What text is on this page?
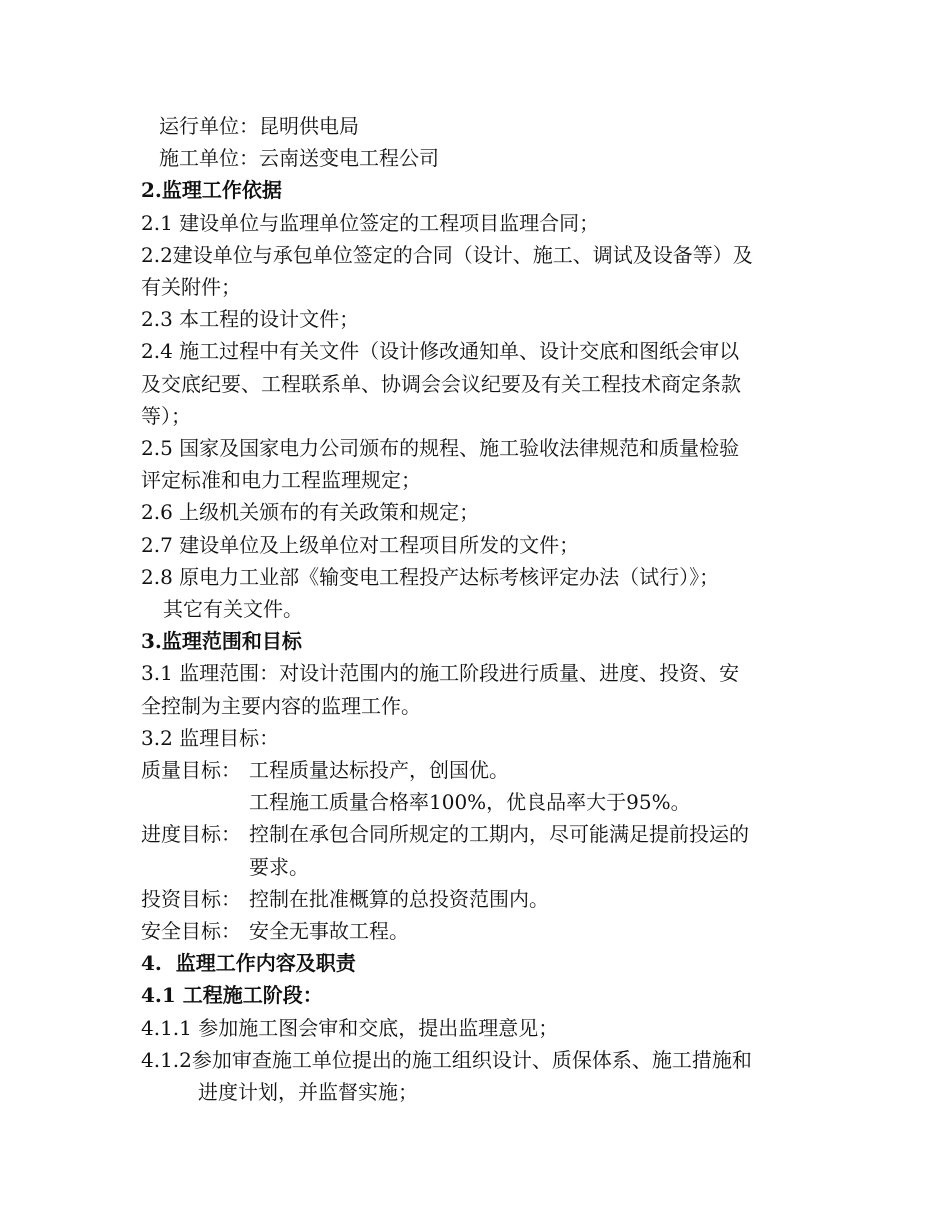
运行单位：昆明供电局
施工单位：云南送变电工程公司
2.监理工作依据
2.1 建设单位与监理单位签定的工程项目监理合同；
2.2建设单位与承包单位签定的合同（设计、施工、调试及设备等）及
有关附件；
2.3 本工程的设计文件；
2.4 施工过程中有关文件（设计修改通知单、设计交底和图纸会审以
及交底纪要、工程联系单、协调会会议纪要及有关工程技术商定条款
等）；
2.5 国家及国家电力公司颁布的规程、施工验收法律规范和质量检验
评定标准和电力工程监理规定；
2.6 上级机关颁布的有关政策和规定；
2.7 建设单位及上级单位对工程项目所发的文件；
2.8 原电力工业部《输变电工程投产达标考核评定办法（试行）》；
其它有关文件。
3.监理范围和目标
3.1 监理范围：对设计范围内的施工阶段进行质量、进度、投资、安
全控制为主要内容的监理工作。
3.2 监理目标：
质量目标： 工程质量达标投产，创国优。
工程施工质量合格率100%，优良品率大于95%。
进度目标： 控制在承包合同所规定的工期内，尽可能满足提前投运的
要求。
投资目标： 控制在批准概算的总投资范围内。
安全目标： 安全无事故工程。
4.  监理工作内容及职责
4.1 工程施工阶段：
4.1.1 参加施工图会审和交底，提出监理意见；
4.1.2参加审查施工单位提出的施工组织设计、质保体系、施工措施和
进度计划，并监督实施；
